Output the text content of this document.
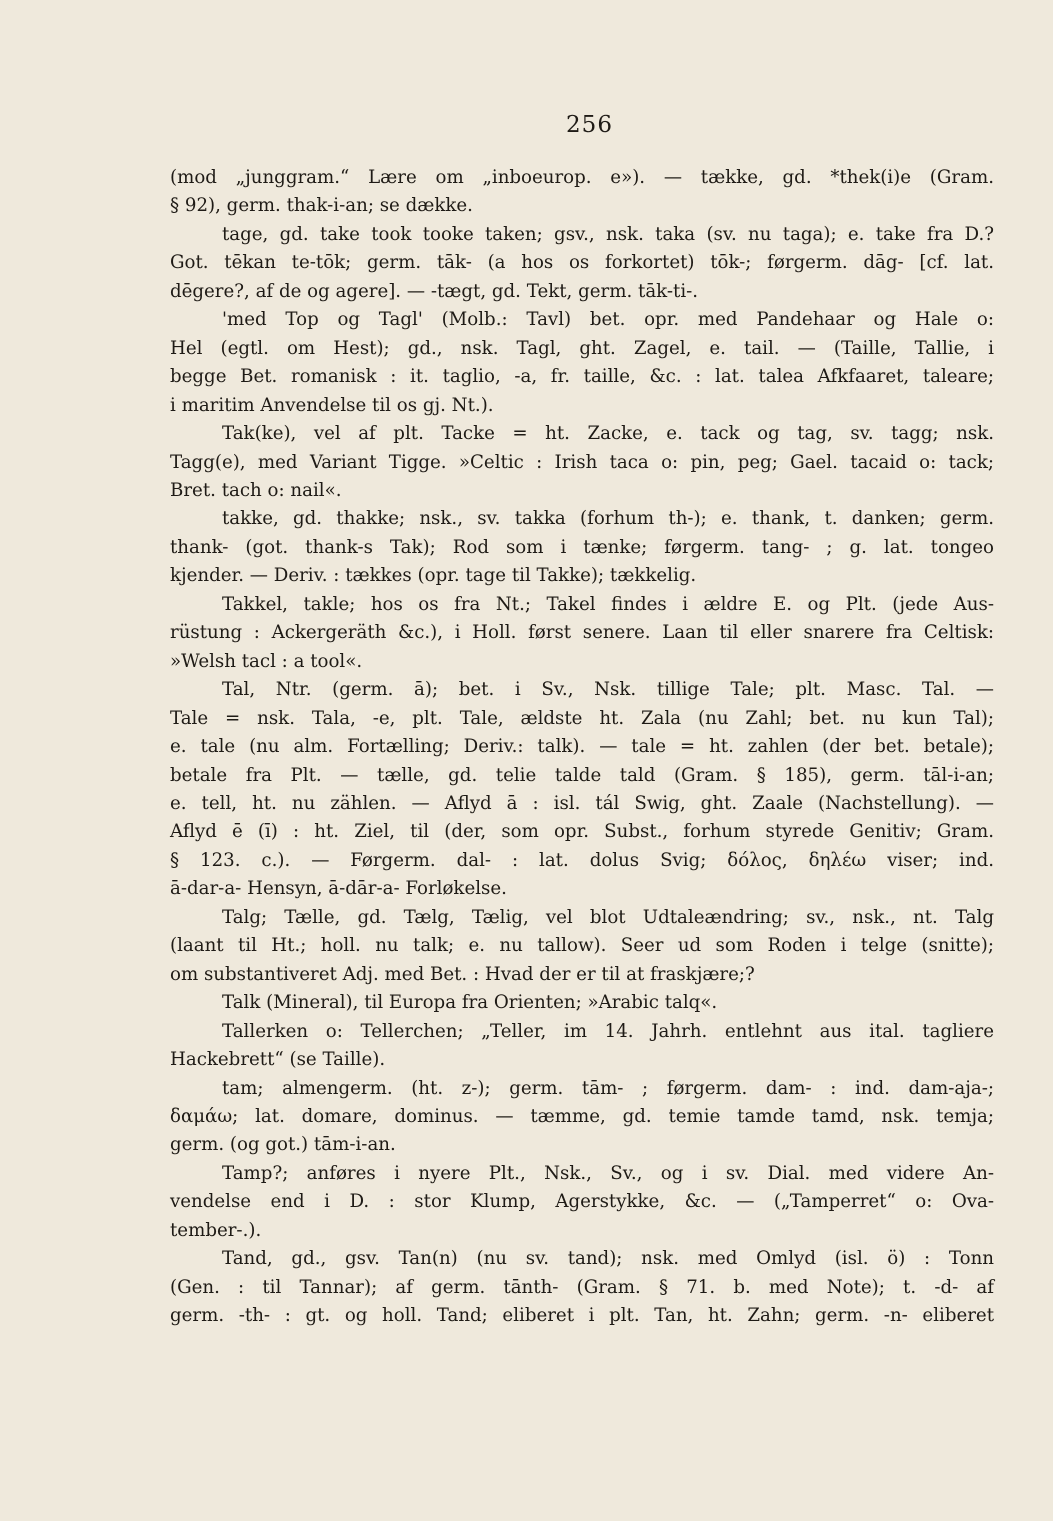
256
(mod „junggram.“ Lære om „inboeurop. e»). — tække, gd. *thek(i)e (Gram.
§ 92), germ. thak-i-an; se dække.
tage, gd. take took tooke taken; gsv., nsk. taka (sv. nu taga); e. take fra D.?
Got. tēkan te-tōk; germ. tāk- (a hos os forkortet) tōk-; førgerm. dāg- [cf. lat.
dēgere?, af de og agere]. — -tægt, gd. Tekt, germ. tāk-ti-.
'med Top og Tagl' (Molb.: Tavl) bet. opr. med Pandehaar og Hale o:
Hel (egtl. om Hest); gd., nsk. Tagl, ght. Zagel, e. tail. — (Taille, Tallie, i
begge Bet. romanisk : it. taglio, -a, fr. taille, &c. : lat. talea Afkfaaret, taleare;
i maritim Anvendelse til os gj. Nt.).
Tak(ke), vel af plt. Tacke = ht. Zacke, e. tack og tag, sv. tagg; nsk.
Tagg(e), med Variant Tigge. »Celtic : Irish taca o: pin, peg; Gael. tacaid o: tack;
Bret. tach o: nail«.
takke, gd. thakke; nsk., sv. takka (forhum th-); e. thank, t. danken; germ.
thank- (got. thank-s Tak); Rod som i tænke; førgerm. tang- ; g. lat. tongeo
kjender. — Deriv. : tækkes (opr. tage til Takke); tækkelig.
Takkel, takle; hos os fra Nt.; Takel findes i ældre E. og Plt. (jede Aus-
rüstung : Ackergeräth &c.), i Holl. først senere. Laan til eller snarere fra Celtisk:
»Welsh tacl : a tool«.
Tal, Ntr. (germ. ā); bet. i Sv., Nsk. tillige Tale; plt. Masc. Tal. —
Tale = nsk. Tala, -e, plt. Tale, ældste ht. Zala (nu Zahl; bet. nu kun Tal);
e. tale (nu alm. Fortælling; Deriv.: talk). — tale = ht. zahlen (der bet. betale);
betale fra Plt. — tælle, gd. telie talde tald (Gram. § 185), germ. tāl-i-an;
e. tell, ht. nu zählen. — Aflyd ā : isl. tál Swig, ght. Zaale (Nachstellung). —
Aflyd ē (ī) : ht. Ziel, til (der, som opr. Subst., forhum styrede Genitiv; Gram.
§ 123. c.). — Førgerm. dal- : lat. dolus Svig; δόλος, δηλέω viser; ind.
ā-dar-a- Hensyn, ā-dār-a- Forløkelse.
Talg; Tælle, gd. Tælg, Tælig, vel blot Udtaleændring; sv., nsk., nt. Talg
(laant til Ht.; holl. nu talk; e. nu tallow). Seer ud som Roden i telge (snitte);
om substantiveret Adj. med Bet. : Hvad der er til at fraskjære;?
Talk (Mineral), til Europa fra Orienten; »Arabic talq«.
Tallerken o: Tellerchen; „Teller, im 14. Jahrh. entlehnt aus ital. tagliere
Hackebrett“ (se Taille).
tam; almengerm. (ht. z-); germ. tām- ; førgerm. dam- : ind. dam-aja-;
δαμάω; lat. domare, dominus. — tæmme, gd. temie tamde tamd, nsk. temja;
germ. (og got.) tām-i-an.
Tamp?; anføres i nyere Plt., Nsk., Sv., og i sv. Dial. med videre An-
vendelse end i D. : stor Klump, Agerstykke, &c. — („Tamperret“ o: Ova-
tember-.).
Tand, gd., gsv. Tan(n) (nu sv. tand); nsk. med Omlyd (isl. ö) : Tonn
(Gen. : til Tannar); af germ. tānth- (Gram. § 71. b. med Note); t. -d- af
germ. -th- : gt. og holl. Tand; eliberet i plt. Tan, ht. Zahn; germ. -n- eliberet
